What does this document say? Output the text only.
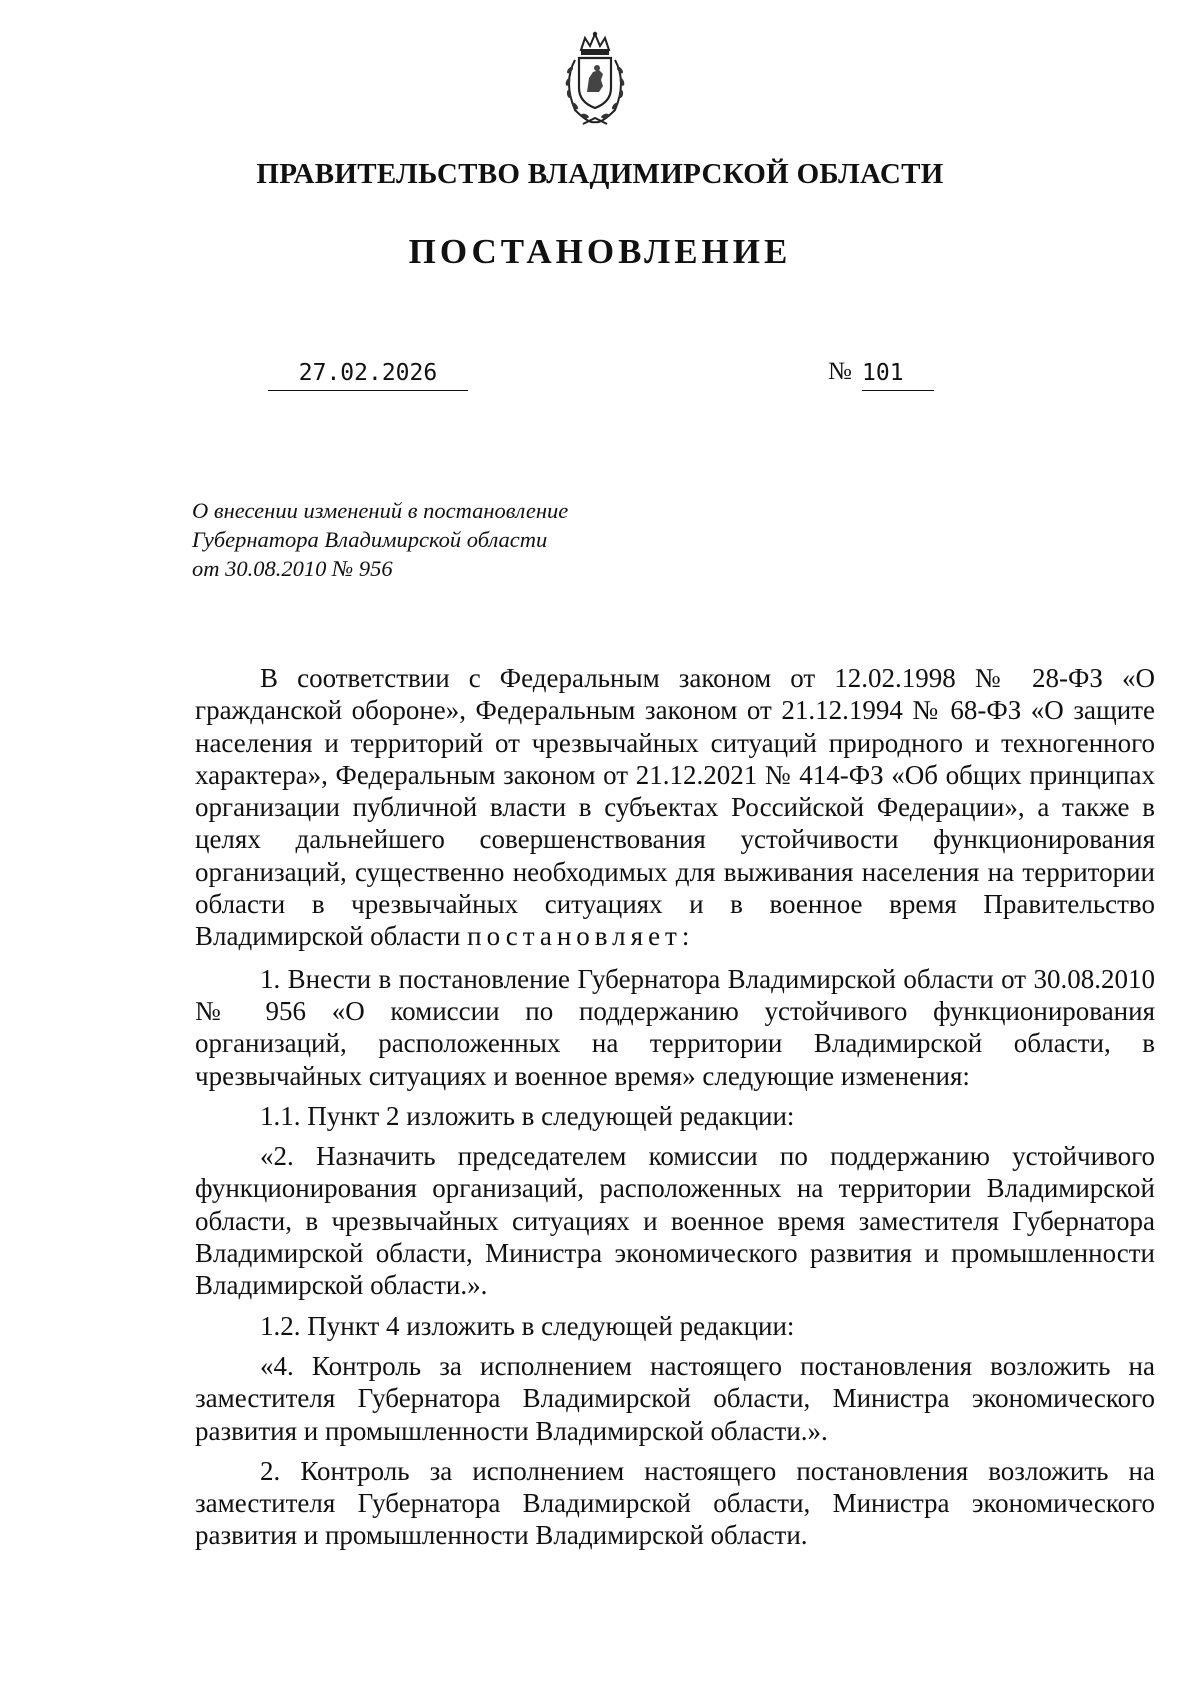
ПРАВИТЕЛЬСТВО ВЛАДИМИРСКОЙ ОБЛАСТИ
ПОСТАНОВЛЕНИЕ
27.02.2026	№ 101
О внесении изменений в постановление
Губернатора Владимирской области
от 30.08.2010 № 956

В соответствии с Федеральным законом от 12.02.1998 № 28-ФЗ «О гражданской обороне», Федеральным законом от 21.12.1994 № 68-ФЗ «О защите населения и территорий от чрезвычайных ситуаций природного и техногенного характера», Федеральным законом от 21.12.2021 № 414-ФЗ «Об общих принципах организации публичной власти в субъектах Российской Федерации», а также в целях дальнейшего совершенствования устойчивости функционирования организаций, существенно необходимых для выживания населения на территории области в чрезвычайных ситуациях и в военное время Правительство Владимирской области постановляет:

1. Внести в постановление Губернатора Владимирской области от 30.08.2010 № 956 «О комиссии по поддержанию устойчивого функционирования организаций, расположенных на территории Владимирской области, в чрезвычайных ситуациях и военное время» следующие изменения:

1.1. Пункт 2 изложить в следующей редакции:

«2. Назначить председателем комиссии по поддержанию устойчивого функционирования организаций, расположенных на территории Владимирской области, в чрезвычайных ситуациях и военное время заместителя Губернатора Владимирской области, Министра экономического развития и промышленности Владимирской области.».

1.2. Пункт 4 изложить в следующей редакции:

«4. Контроль за исполнением настоящего постановления возложить на заместителя Губернатора Владимирской области, Министра экономического развития и промышленности Владимирской области.».

2. Контроль за исполнением настоящего постановления возложить на заместителя Губернатора Владимирской области, Министра экономического развития и промышленности Владимирской области.
